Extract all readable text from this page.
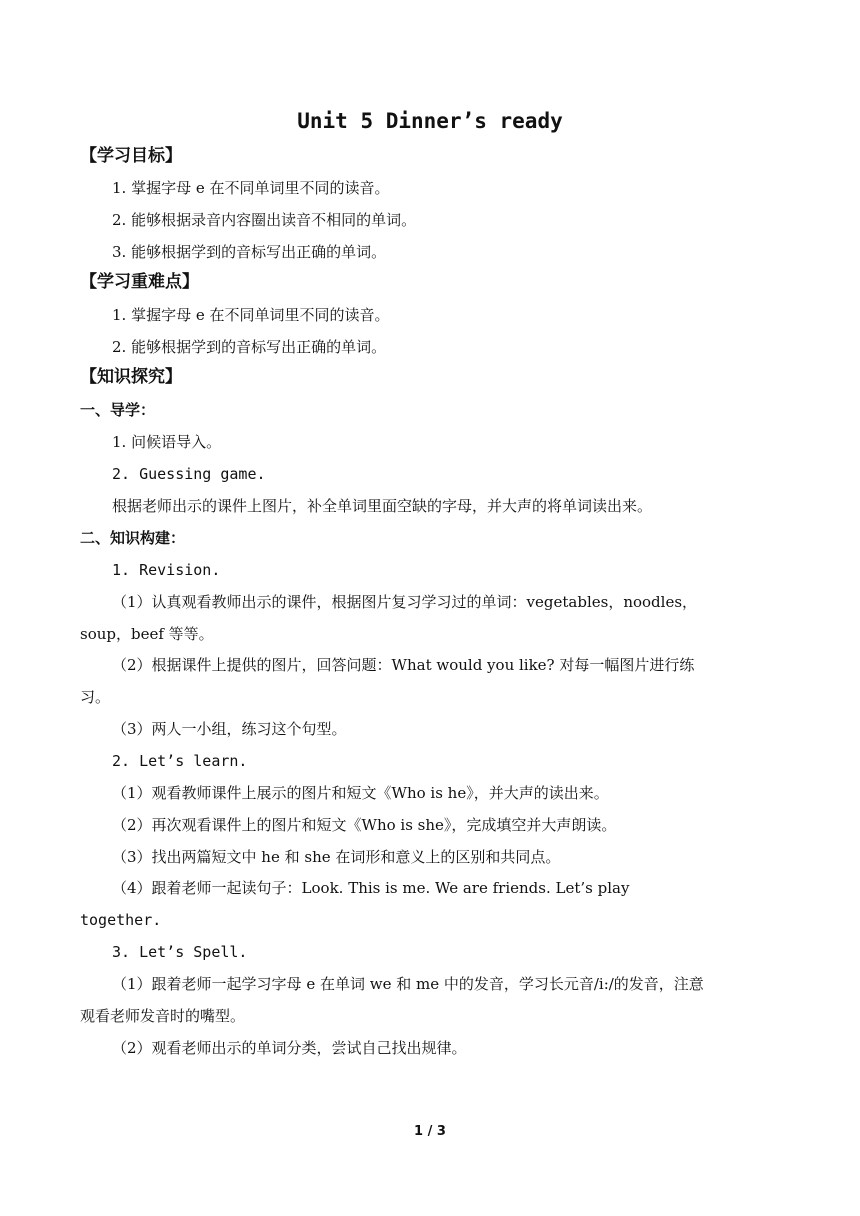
Unit 5 Dinner’s ready
【学习目标】
1. 掌握字母 e 在不同单词里不同的读音。
2. 能够根据录音内容圈出读音不相同的单词。
3. 能够根据学到的音标写出正确的单词。
【学习重难点】
1. 掌握字母 e 在不同单词里不同的读音。
2. 能够根据学到的音标写出正确的单词。
【知识探究】
一、导学：
1. 问候语导入。
2. Guessing game.
根据老师出示的课件上图片，补全单词里面空缺的字母，并大声的将单词读出来。
二、知识构建：
1. Revision.
（1）认真观看教师出示的课件，根据图片复习学习过的单词：vegetables，noodles，
soup，beef 等等。
（2）根据课件上提供的图片，回答问题：What would you like? 对每一幅图片进行练
习。
（3）两人一小组，练习这个句型。
2. Let’s learn.
（1）观看教师课件上展示的图片和短文《Who is he》，并大声的读出来。
（2）再次观看课件上的图片和短文《Who is she》，完成填空并大声朗读。
（3）找出两篇短文中 he 和 she 在词形和意义上的区别和共同点。
（4）跟着老师一起读句子：Look. This is me. We are friends. Let’s play
together.
3. Let’s Spell.
（1）跟着老师一起学习字母 e 在单词 we 和 me 中的发音，学习长元音/i:/的发音，注意
观看老师发音时的嘴型。
（2）观看老师出示的单词分类，尝试自己找出规律。
1 / 3
